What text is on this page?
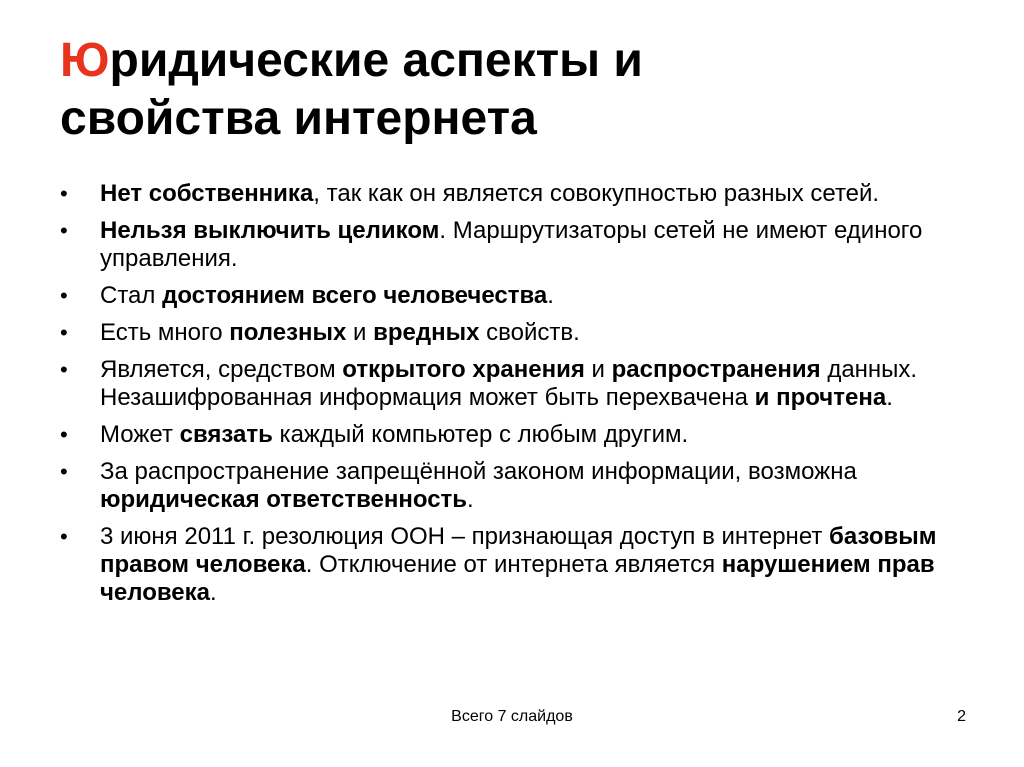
Юридические аспекты и
свойства интернета
•	Нет собственника, так как он является совокупностью разных сетей.
•	Нельзя выключить целиком. Маршрутизаторы сетей не имеют единого управления.
•	Стал достоянием всего человечества.
•	Есть много полезных и вредных свойств.
•	Является, средством открытого хранения и распространения данных. Незашифрованная информация может быть перехвачена и прочтена.
•	Может связать каждый компьютер с любым другим.
•	За распространение запрещённой законом информации, возможна юридическая ответственность.
•	3 июня 2011 г. резолюция ООН – признающая доступ в интернет базовым правом человека. Отключение от интернета является нарушением прав человека.
Всего 7 слайдов	2
